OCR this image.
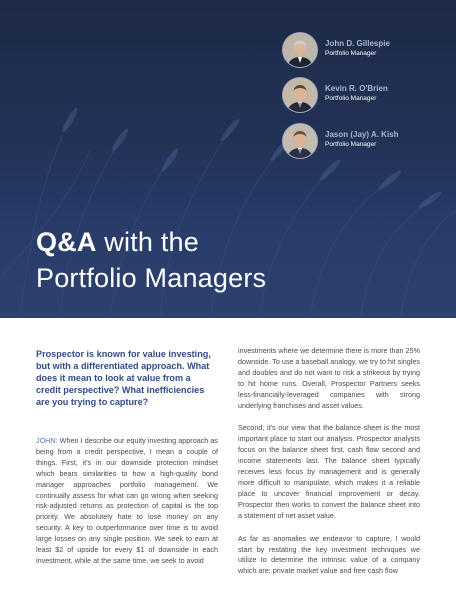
John D. Gillespie
Portfolio Manager
Kevin R. O'Brien
Portfolio Manager
Jason (Jay) A. Kish
Portfolio Manager
Q&A with the
Portfolio Managers
Prospector is known for value investing, but with a differentiated approach. What does it mean to look at value from a credit perspective? What inefficiencies are you trying to capture?

JOHN: When I describe our equity investing approach as being from a credit perspective, I mean a couple of things. First, it's in our downside protection mindset which bears similarities to how a high-quality bond manager approaches portfolio management. We continually assess for what can go wrong when seeking risk-adjusted returns as protection of capital is the top priority. We absolutely hate to lose money on any security. A key to outperformance over time is to avoid large losses on any single position. We seek to earn at least $2 of upside for every $1 of downside in each investment, while at the same time, we seek to avoid

investments where we determine there is more than 25% downside. To use a baseball analogy, we try to hit singles and doubles and do not want to risk a strikeout by trying to hit home runs. Overall, Prospector Partners seeks less-financially-leveraged companies with strong underlying franchises and asset values.

Second, it's our view that the balance sheet is the most important place to start our analysis. Prospector analysts focus on the balance sheet first, cash flow second and income statements last. The balance sheet typically receives less focus by management and is generally more difficult to manipulate, which makes it a reliable place to uncover financial improvement or decay. Prospector then works to convert the balance sheet into a statement of net asset value.

As far as anomalies we endeavor to capture, I would start by restating the key investment techniques we utilize to determine the intrinsic value of a company which are: private market value and free cash flow
